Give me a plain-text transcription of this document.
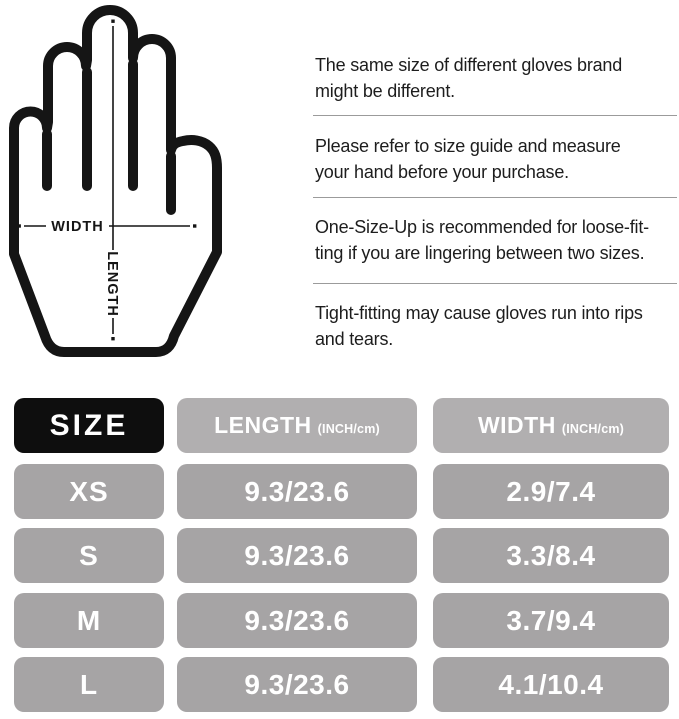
WIDTH
LENGTH
The same size of different gloves brand
might be different.
Please refer to size guide and measure
your hand before your purchase.
One-Size-Up is recommended for loose-fit-
ting if you are lingering between two sizes.
Tight-fitting may cause gloves run into rips
and tears.
SIZE	LENGTH (INCH/cm)	WIDTH (INCH/cm)
XS	9.3/23.6	2.9/7.4
S	9.3/23.6	3.3/8.4
M	9.3/23.6	3.7/9.4
L	9.3/23.6	4.1/10.4
